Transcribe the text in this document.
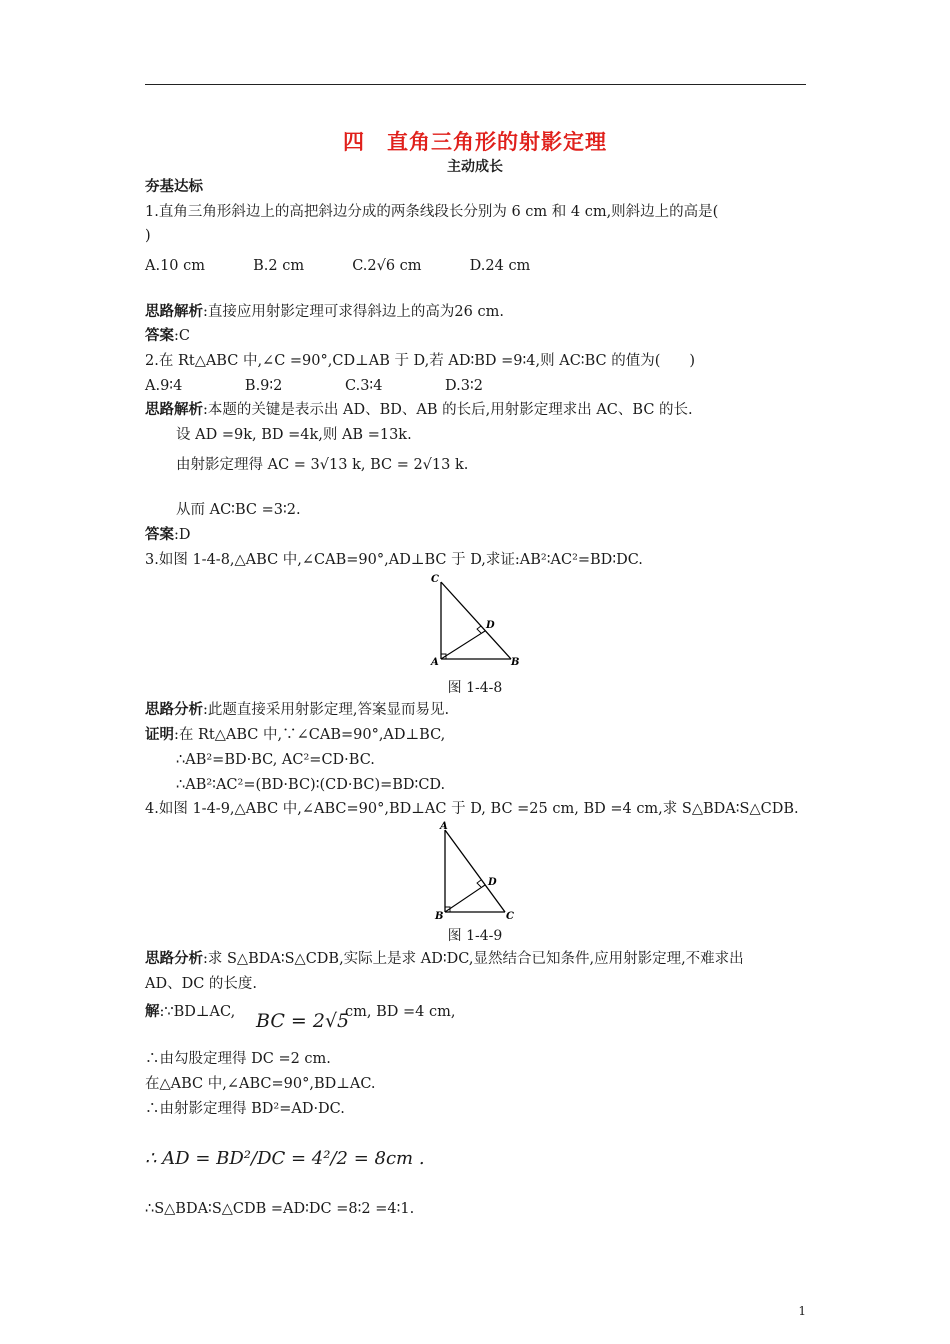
四　直角三角形的射影定理
主动成长
夯基达标
1.直角三角形斜边上的高把斜边分成的两条线段长分别为 6 cm 和 4 cm,则斜边上的高是(
)
A.10 cm　　　 B.2 cm　　　 C.2√6 cm　　　 D.24 cm
思路解析:直接应用射影定理可求得斜边上的高为26 cm.
答案:C
2.在 Rt△ABC 中,∠C =90°,CD⊥AB 于 D,若 AD∶BD =9∶4,则 AC∶BC 的值为(　　)
A.9∶4　　　　 B.9∶2　　　　 C.3∶4　　　　 D.3∶2
思路解析:本题的关键是表示出 AD、BD、AB 的长后,用射影定理求出 AC、BC 的长.
设 AD =9k, BD =4k,则 AB =13k.
由射影定理得 AC = 3√13 k, BC = 2√13 k.
从而 AC∶BC =3∶2.
答案:D
3.如图 1-4-8,△ABC 中,∠CAB=90°,AD⊥BC 于 D,求证:AB²∶AC²=BD∶DC.
C
D
A	B
图 1-4-8
思路分析:此题直接采用射影定理,答案显而易见.
证明:在 Rt△ABC 中,∵∠CAB=90°,AD⊥BC,
∴AB²=BD·BC, AC²=CD·BC.
∴AB²∶AC²=(BD·BC)∶(CD·BC)=BD∶CD.
4.如图 1-4-9,△ABC 中,∠ABC=90°,BD⊥AC 于 D, BC =25 cm, BD =4 cm,求 S△BDA∶S△CDB.
A
D
B	C
图 1-4-9
思路分析:求 S△BDA∶S△CDB,实际上是求 AD∶DC,显然结合已知条件,应用射影定理,不难求出
AD、DC 的长度.
解:∵BD⊥AC, BC = 2√5
cm, BD =4 cm,
∴由勾股定理得 DC =2 cm.
在△ABC 中,∠ABC=90°,BD⊥AC.
∴由射影定理得 BD²=AD·DC.
∴ AD = BD²/DC = 4²/2 = 8cm .
∴S△BDA∶S△CDB =AD∶DC =8∶2 =4∶1.
1
